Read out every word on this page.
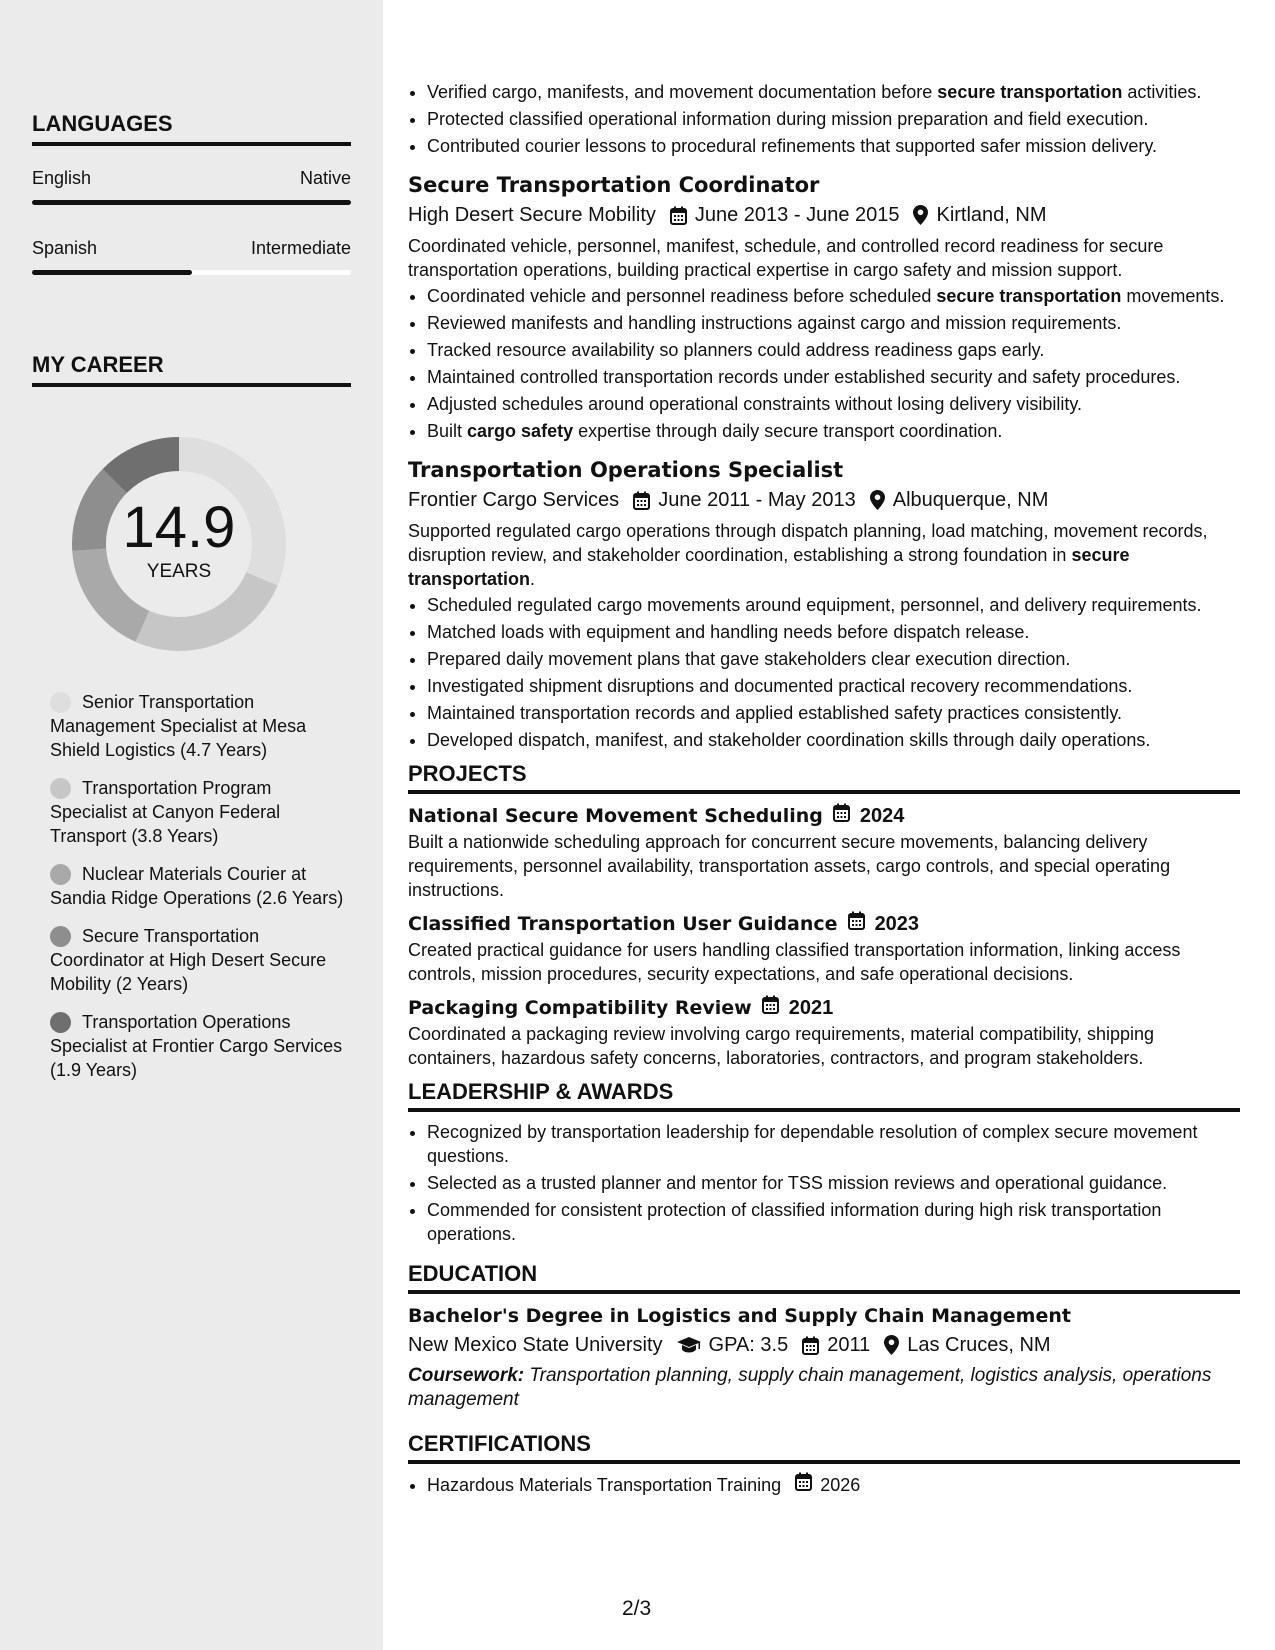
LANGUAGES
English	Native
Spanish	Intermediate
MY CAREER
14.9
YEARS
Senior Transportation Management Specialist at Mesa Shield Logistics (4.7 Years)
Transportation Program Specialist at Canyon Federal Transport (3.8 Years)
Nuclear Materials Courier at Sandia Ridge Operations (2.6 Years)
Secure Transportation Coordinator at High Desert Secure Mobility (2 Years)
Transportation Operations Specialist at Frontier Cargo Services (1.9 Years)
• Verified cargo, manifests, and movement documentation before secure transportation activities.
• Protected classified operational information during mission preparation and field execution.
• Contributed courier lessons to procedural refinements that supported safer mission delivery.
Secure Transportation Coordinator
High Desert Secure Mobility June 2013 - June 2015 Kirtland, NM
Coordinated vehicle, personnel, manifest, schedule, and controlled record readiness for secure transportation operations, building practical expertise in cargo safety and mission support.
• Coordinated vehicle and personnel readiness before scheduled secure transportation movements.
• Reviewed manifests and handling instructions against cargo and mission requirements.
• Tracked resource availability so planners could address readiness gaps early.
• Maintained controlled transportation records under established security and safety procedures.
• Adjusted schedules around operational constraints without losing delivery visibility.
• Built cargo safety expertise through daily secure transport coordination.
Transportation Operations Specialist
Frontier Cargo Services June 2011 - May 2013 Albuquerque, NM
Supported regulated cargo operations through dispatch planning, load matching, movement records, disruption review, and stakeholder coordination, establishing a strong foundation in secure transportation.
• Scheduled regulated cargo movements around equipment, personnel, and delivery requirements.
• Matched loads with equipment and handling needs before dispatch release.
• Prepared daily movement plans that gave stakeholders clear execution direction.
• Investigated shipment disruptions and documented practical recovery recommendations.
• Maintained transportation records and applied established safety practices consistently.
• Developed dispatch, manifest, and stakeholder coordination skills through daily operations.
PROJECTS
National Secure Movement Scheduling 2024
Built a nationwide scheduling approach for concurrent secure movements, balancing delivery requirements, personnel availability, transportation assets, cargo controls, and special operating instructions.
Classified Transportation User Guidance 2023
Created practical guidance for users handling classified transportation information, linking access controls, mission procedures, security expectations, and safe operational decisions.
Packaging Compatibility Review 2021
Coordinated a packaging review involving cargo requirements, material compatibility, shipping containers, hazardous safety concerns, laboratories, contractors, and program stakeholders.
LEADERSHIP & AWARDS
• Recognized by transportation leadership for dependable resolution of complex secure movement questions.
• Selected as a trusted planner and mentor for TSS mission reviews and operational guidance.
• Commended for consistent protection of classified information during high risk transportation operations.
EDUCATION
Bachelor's Degree in Logistics and Supply Chain Management
New Mexico State University GPA: 3.5 2011 Las Cruces, NM
Coursework: Transportation planning, supply chain management, logistics analysis, operations management
CERTIFICATIONS
• Hazardous Materials Transportation Training 2026
2/3
